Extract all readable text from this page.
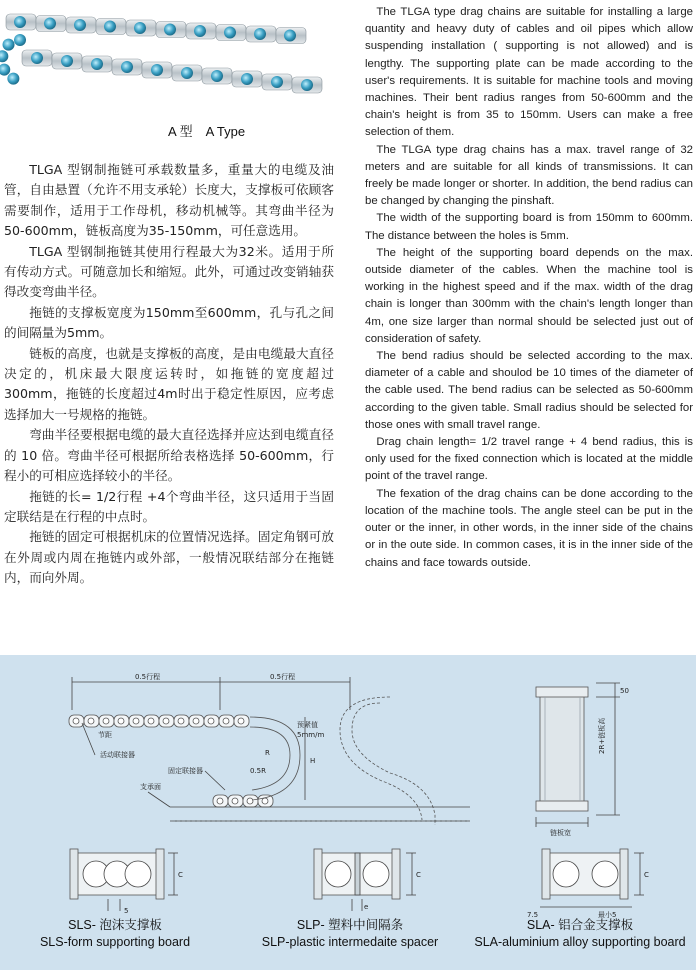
A 型　A Type

TLGA 型钢制拖链可承载数量多，重量大的电缆及油管，自由悬置（允许不用支承轮）长度大，支撑板可依顾客需要制作，适用于工作母机，移动机械等。其弯曲半径为50-600mm，链板高度为35-150mm，可任意选用。

TLGA 型钢制拖链其使用行程最大为32米。适用于所有传动方式。可随意加长和缩短。此外，可通过改变销轴获得改变弯曲半径。

拖链的支撑板宽度为150mm至600mm，孔与孔之间的间隔量为5mm。

链板的高度，也就是支撑板的高度，是由电缆最大直径决定的，机床最大限度运转时，如拖链的宽度超过300mm，拖链的长度超过4m时出于稳定性原因，应考虑选择加大一号规格的拖链。

弯曲半径要根据电缆的最大直径选择并应达到电缆直径的 10 倍。弯曲半径可根据所给表格选择 50-600mm，行程小的可相应选择较小的半径。

拖链的长= 1/2行程 +4个弯曲半径，这只适用于当固定联结是在行程的中点时。

拖链的固定可根据机床的位置情况选择。固定角钢可放在外周或内周在拖链内或外部，一般情况联结部分在拖链内，而向外周。

The TLGA type drag chains are suitable for installing a large quantity and heavy duty of cables and oil pipes which allow suspending installation ( supporting is not allowed) and is lengthy. The supporting plate can be made according to the user's requirements. It is suitable for machine tools and moving machines. Their bent radius ranges from 50-600mm and the chain's height is from 35 to 150mm. Users can make a free selection of them.

The TLGA type drag chains has a max. travel range of 32 meters and are suitable for all kinds of transmissions. It can freely be made longer or shorter. In addition, the bend radius can be changed by changing the pinshaft.

The width of the supporting board is from 150mm to 600mm. The distance between the holes is 5mm.

The height of the supporting board depends on the max. outside diameter of the cables. When the machine tool is working in the highest speed and if the max. width of the drag chain is longer than 300mm with the chain's length longer than 4m, one size larger than normal should be selected just out of consideration of safety.

The bend radius should be selected according to the max. diameter of a cable and shoulod be 10 times of the diameter of the cable used. The bend radius can be selected as 50-600mm according to the given table. Small radius should be selected for those ones with small travel range.

Drag chain length= 1/2 travel range + 4 bend radius, this is only used for the fixed connection which is located at the middle point of the travel range.

The fexation of the drag chains can be done according to the location of the machine tools. The angle steel can be put in the outer or the inner, in other words, in the inner side of the chains or in the oute side. In common cases, it is in the inner side of the chains and face towards outside.

0.5行程	0.5行程
节距
活动联接器
固定联接器
支承面
预紧值
5mm/m
0.5R
R
H
50
2R+链板高
链板宽
C
5
C
e
C
7.5	最小5
SLS- 泡沫支撑板
SLS-form supporting board
SLP- 塑料中间隔条
SLP-plastic intermedaite spacer
SLA- 铝合金支撑板
SLA-aluminium alloy supporting board
